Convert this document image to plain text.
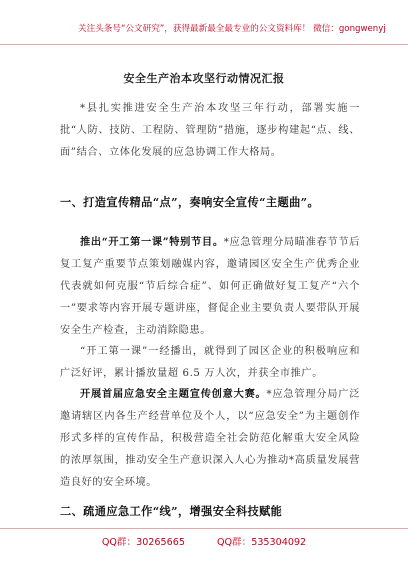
关注头条号“公文研究”，获得最新最全最专业的公文资料库！ 微信：gongwenyj
安全生产治本攻坚行动情况汇报
*县扎实推进安全生产治本攻坚三年行动，部署实施一批“人防、技防、工程防、管理防”措施，逐步构建起“点、线、面”结合、立体化发展的应急协调工作大格局。
一、打造宣传精品“点”，奏响安全宣传“主题曲”。
推出“开工第一课”特别节目。*应急管理分局瞄准春节节后复工复产重要节点策划融媒内容，邀请园区安全生产优秀企业代表就如何克服“节后综合症”、如何正确做好复工复产“六个一”要求等内容开展专题讲座，督促企业主要负责人要带队开展安全生产检查，主动消除隐患。
“开工第一课”一经播出，就得到了园区企业的积极响应和广泛好评，累计播放量超 6.5 万人次，并获全市推广。
开展首届应急安全主题宣传创意大赛。*应急管理分局广泛邀请辖区内各生产经营单位及个人，以“应急安全”为主题创作形式多样的宣传作品，积极营造全社会防范化解重大安全风险的浓厚氛围，推动安全生产意识深入人心为推动*高质量发展营造良好的安全环境。
二、疏通应急工作“线”，增强安全科技赋能
QQ群：30265665	QQ群：535304092
